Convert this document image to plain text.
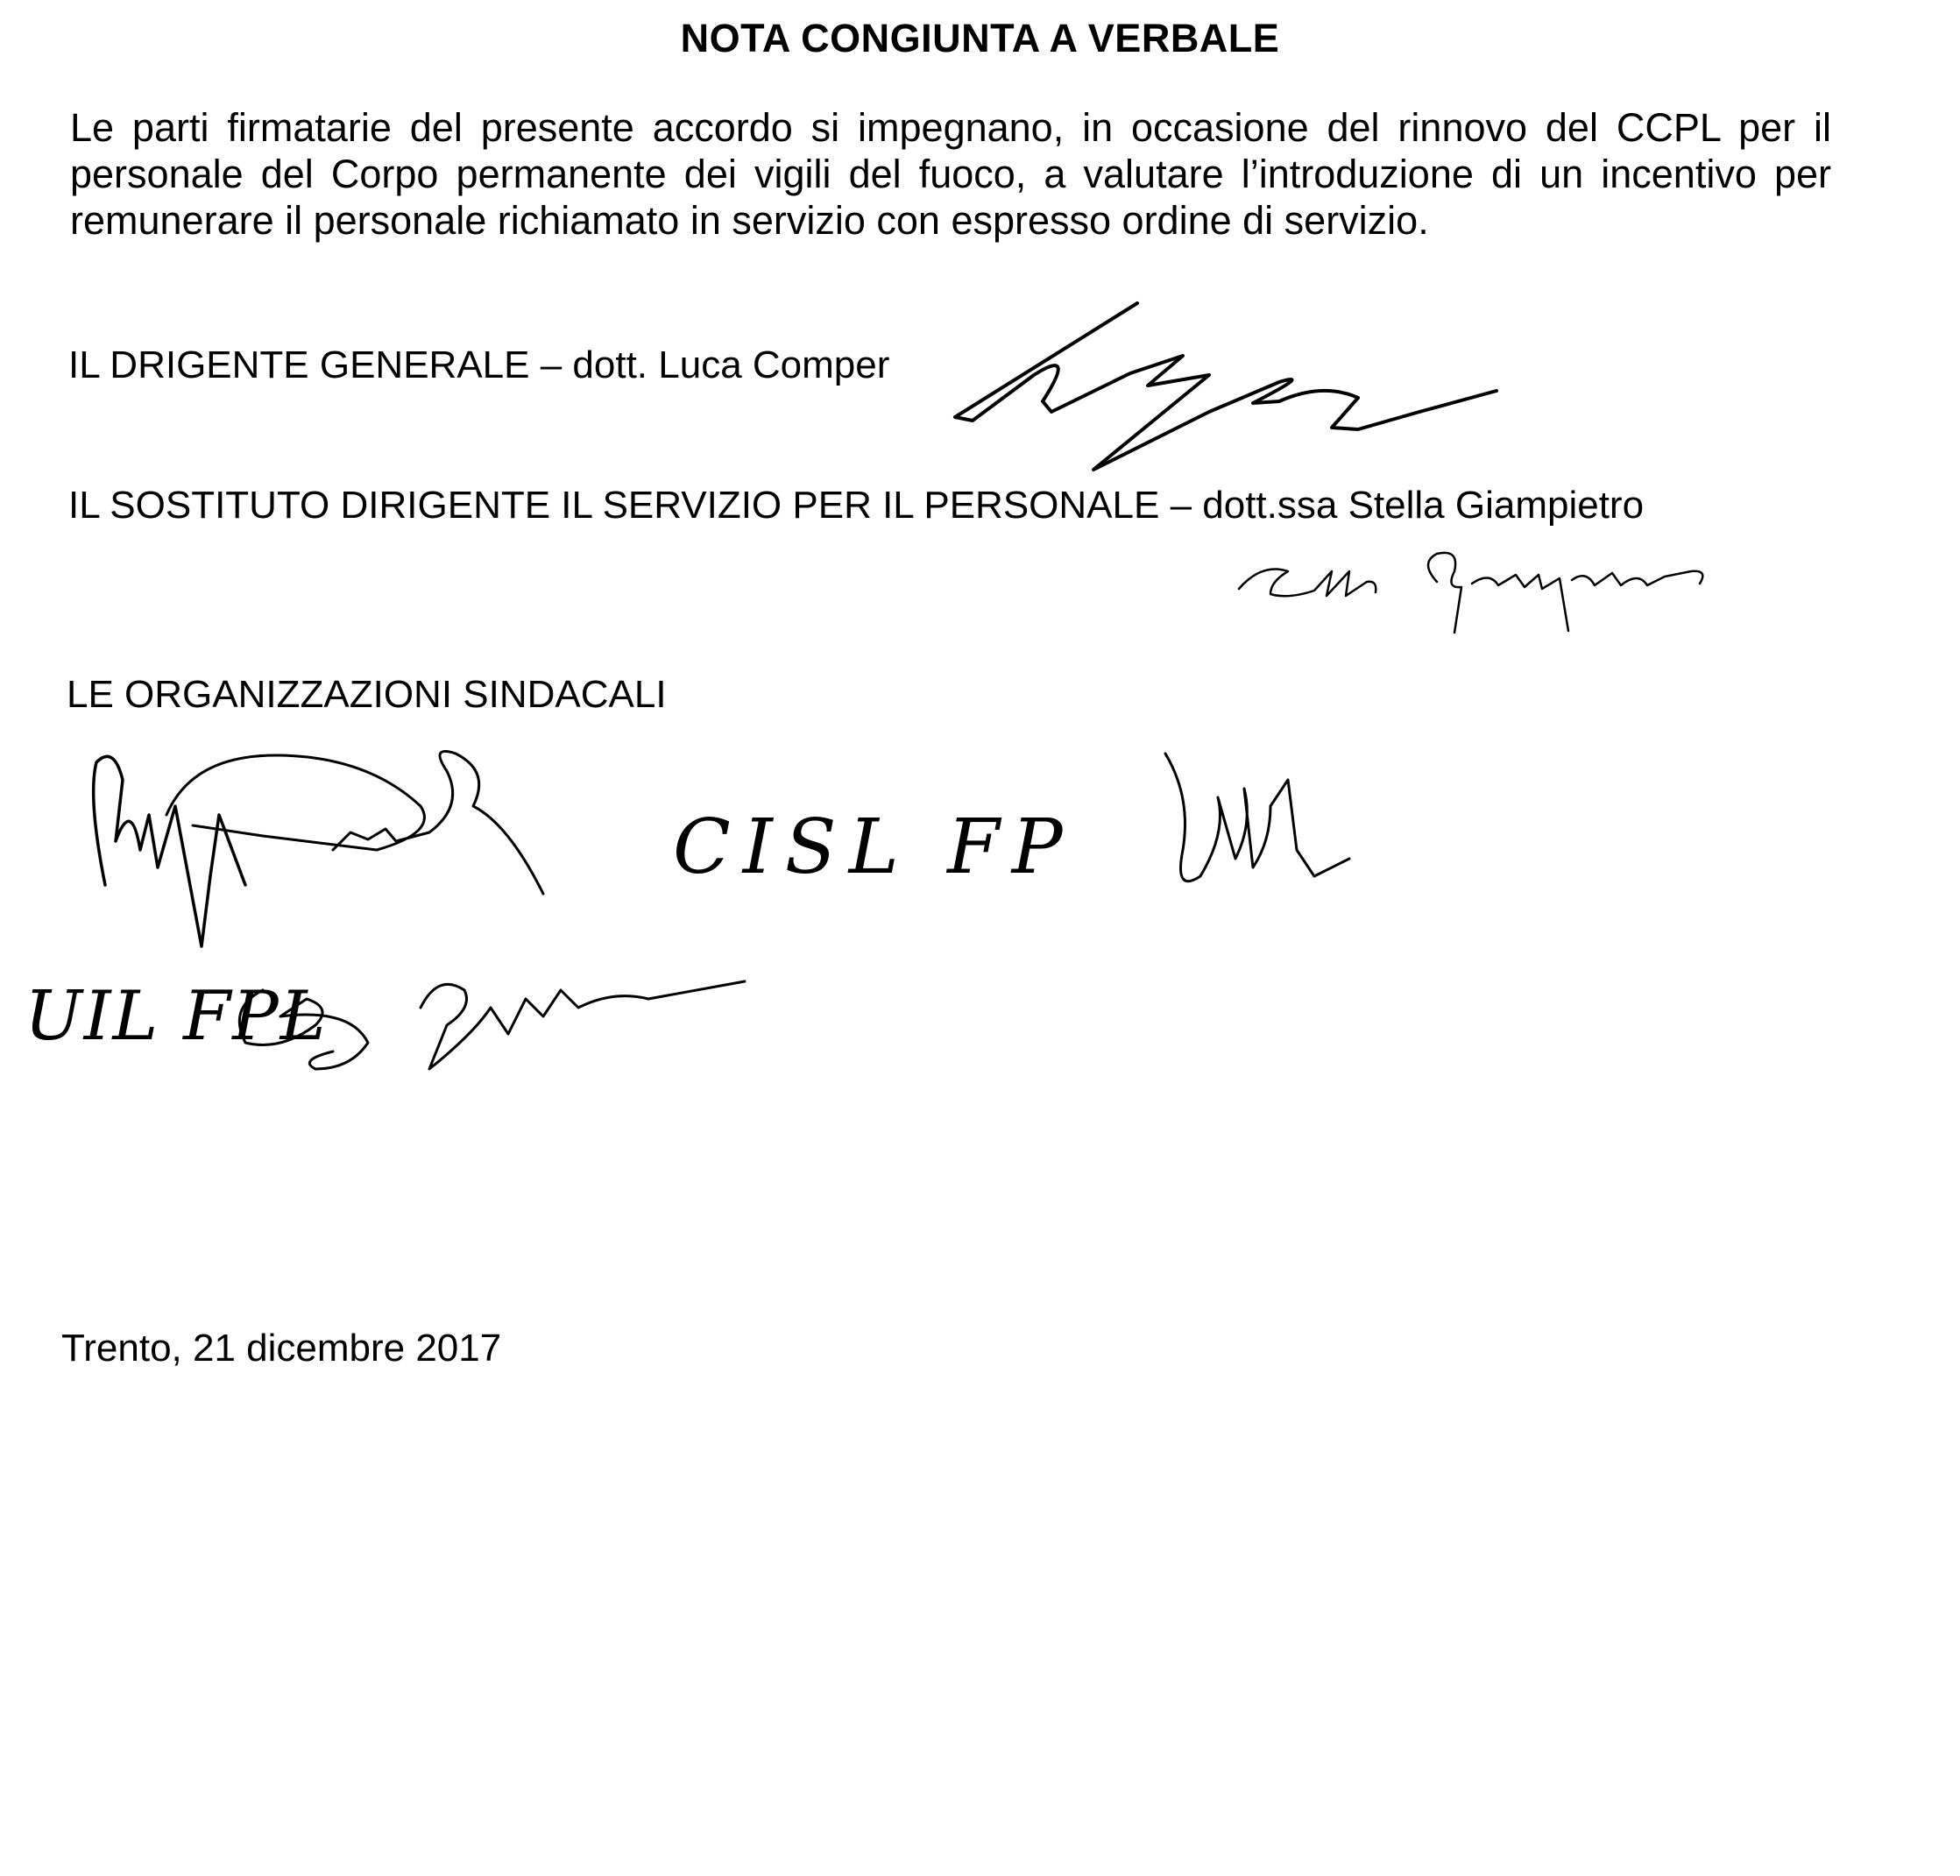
NOTA CONGIUNTA A VERBALE
Le parti firmatarie del presente accordo si impegnano, in occasione del rinnovo del CCPL per il
personale del Corpo permanente dei vigili del fuoco, a valutare l’introduzione di un incentivo per
remunerare il personale richiamato in servizio con espresso ordine di servizio.
IL DRIGENTE GENERALE – dott. Luca Comper
IL SOSTITUTO DIRIGENTE IL SERVIZIO PER IL PERSONALE – dott.ssa Stella Giampietro
LE ORGANIZZAZIONI SINDACALI
CISL FP
UIL FPL
Trento, 21 dicembre 2017
